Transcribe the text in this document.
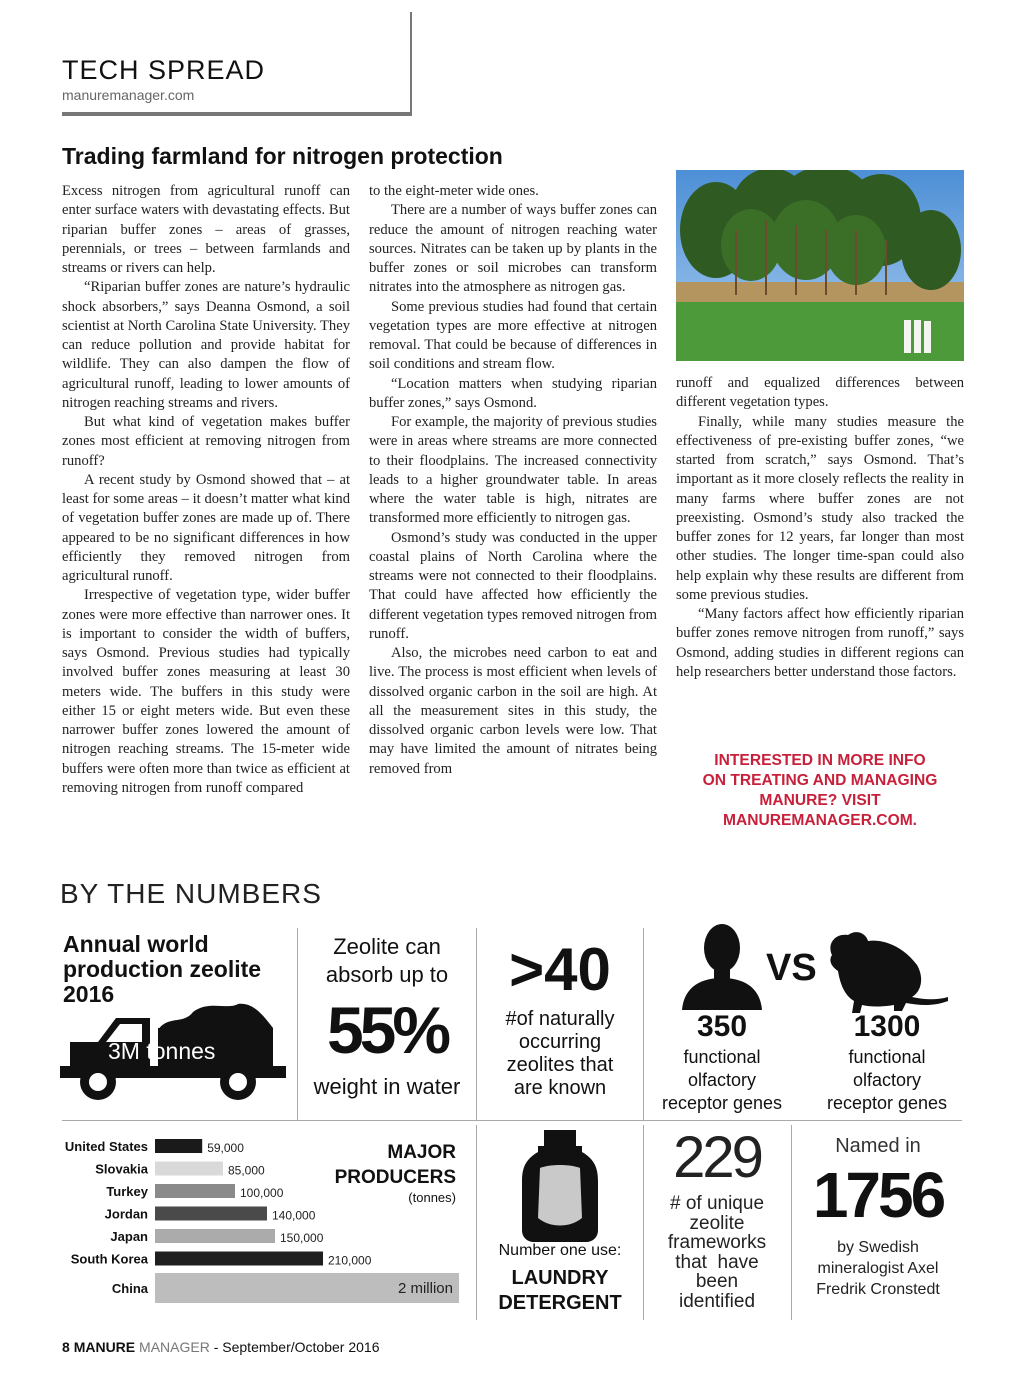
TECH SPREAD
manuremanager.com
Trading farmland for nitrogen protection

Excess nitrogen from agricultural runoff can enter surface waters with devastating effects. But riparian buffer zones – areas of grasses, perennials, or trees – between farmlands and streams or rivers can help.

“Riparian buffer zones are nature’s hydraulic shock absorbers,” says Deanna Osmond, a soil scientist at North Carolina State University. They can reduce pollution and provide habitat for wildlife. They can also dampen the flow of agricultural runoff, leading to lower amounts of nitrogen reaching streams and rivers.

But what kind of vegetation makes buffer zones most efficient at removing nitrogen from runoff?

A recent study by Osmond showed that – at least for some areas – it doesn’t matter what kind of vegetation buffer zones are made up of. There appeared to be no significant differences in how efficiently they removed nitrogen from agricultural runoff.

Irrespective of vegetation type, wider buffer zones were more effective than narrower ones. It is important to consider the width of buffers, says Osmond. Previous studies had typically involved buffer zones measuring at least 30 meters wide. The buffers in this study were either 15 or eight meters wide. But even these narrower buffer zones lowered the amount of nitrogen reaching streams. The 15-meter wide buffers were often more than twice as efficient at removing nitrogen from runoff compared

to the eight-meter wide ones.

There are a number of ways buffer zones can reduce the amount of nitrogen reaching water sources. Nitrates can be taken up by plants in the buffer zones or soil microbes can transform nitrates into the atmosphere as nitrogen gas.

Some previous studies had found that certain vegetation types are more effective at nitrogen removal. That could be because of differences in soil conditions and stream flow.

“Location matters when studying riparian buffer zones,” says Osmond.

For example, the majority of previous studies were in areas where streams are more connected to their floodplains. The increased connectivity leads to a higher groundwater table. In areas where the water table is high, nitrates are transformed more efficiently to nitrogen gas.

Osmond’s study was conducted in the upper coastal plains of North Carolina where the streams were not connected to their floodplains. That could have affected how efficiently the different vegetation types removed nitrogen from runoff.

Also, the microbes need carbon to eat and live. The process is most efficient when levels of dissolved organic carbon in the soil are high. At all the measurement sites in this study, the dissolved organic carbon levels were low. That may have limited the amount of nitrates being removed from

runoff and equalized differences between different vegetation types.

Finally, while many studies measure the effectiveness of pre-existing buffer zones, “we started from scratch,” says Osmond. That’s important as it more closely reflects the reality in many farms where buffer zones are not preexisting. Osmond’s study also tracked the buffer zones for 12 years, far longer than most other studies. The longer time-span could also help explain why these results are different from some previous studies.

“Many factors affect how efficiently riparian buffer zones remove nitrogen from runoff,” says Osmond, adding studies in different regions can help researchers better understand those factors.

INTERESTED IN MORE INFO
ON TREATING AND MANAGING
MANURE? VISIT
MANUREMANAGER.COM.
BY THE NUMBERS
Annual world
production zeolite
2016
3M tonnes
Zeolite can
absorb up to
55%
weight in water
>40
#of naturally
occurring
zeolites that
are known
VS
350	1300
functional
olfactory
receptor genes
functional
olfactory
receptor genes
United States	59,000
Slovakia	85,000
Turkey	100,000
Jordan	140,000
Japan	150,000
South Korea	210,000
China	2 million
MAJOR
PRODUCERS
(tonnes)
Number one use:
LAUNDRY
DETERGENT
229
# of unique
zeolite
frameworks
that  have
been
identified
Named in
1756
by Swedish
mineralogist Axel
Fredrik Cronstedt
8 MANURE MANAGER - September/October 2016
